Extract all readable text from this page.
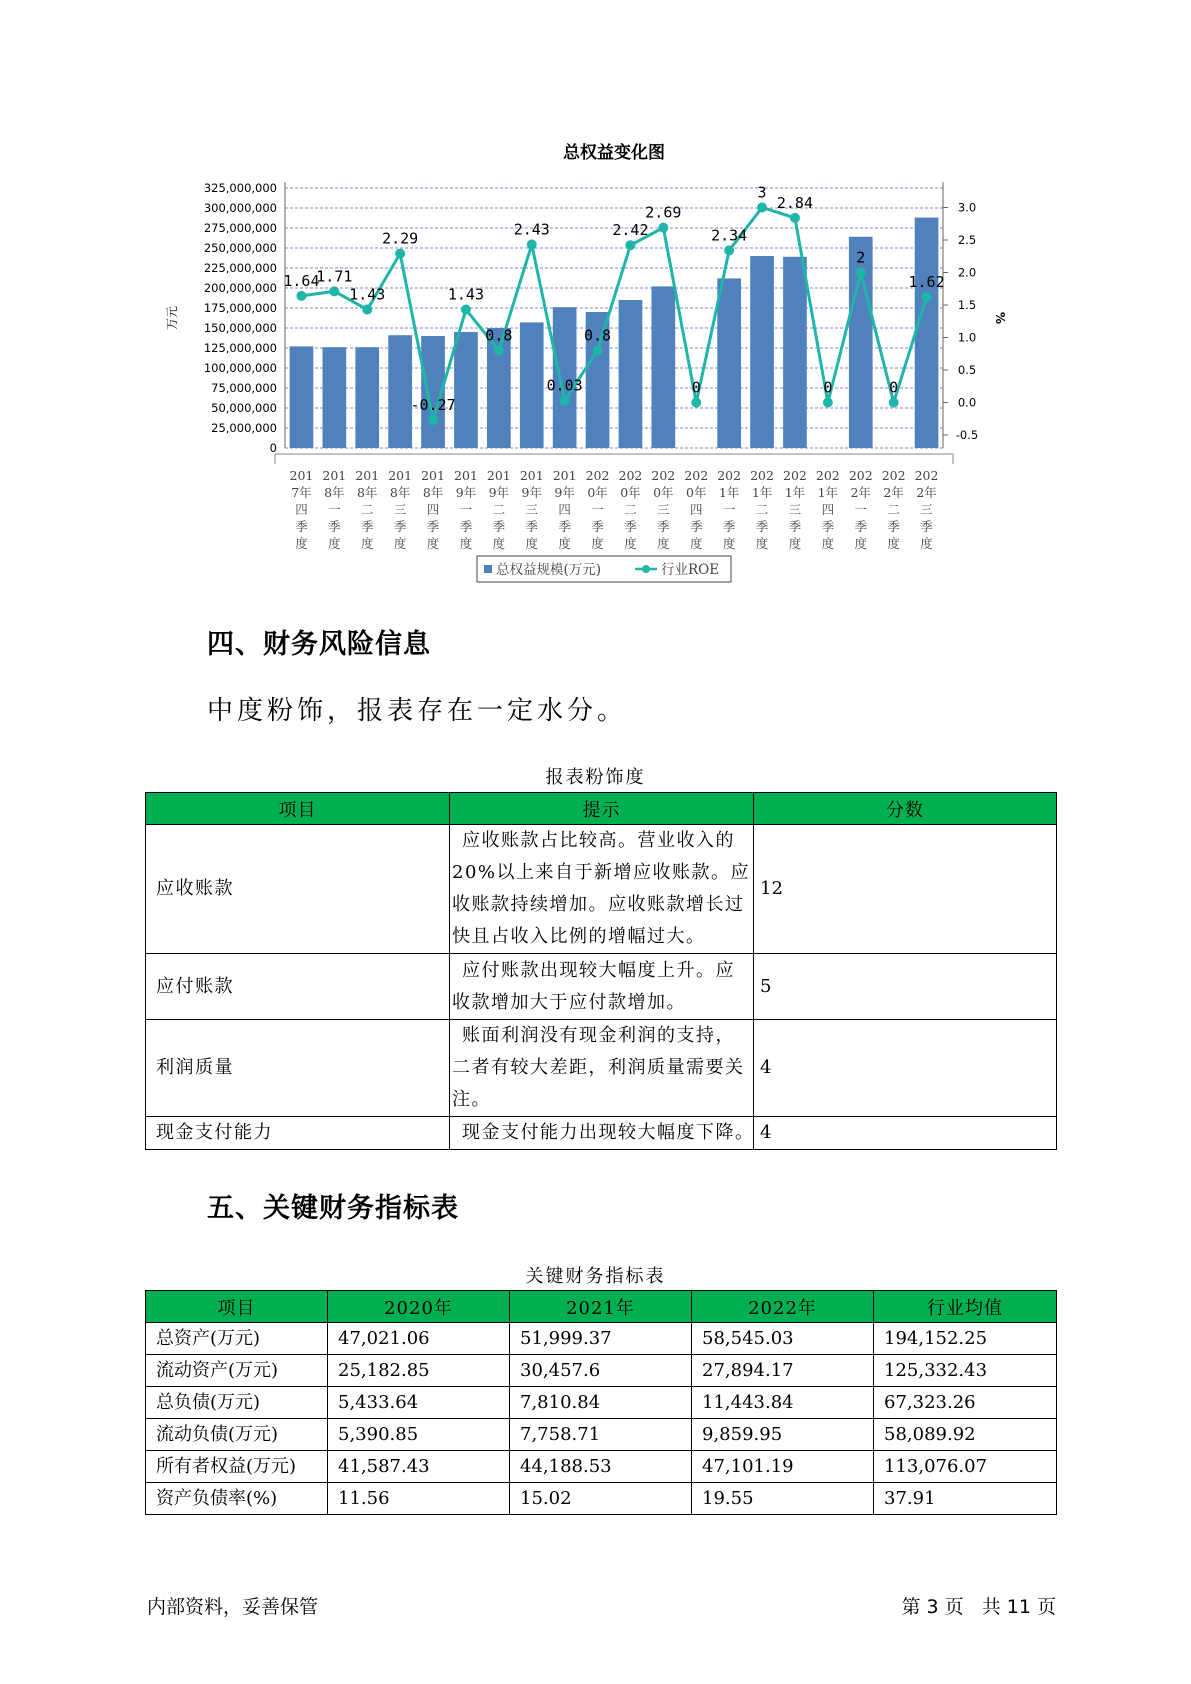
总权益变化图
325,000,000
300,000,000
275,000,000
250,000,000
225,000,000
200,000,000
175,000,000
150,000,000
125,000,000
100,000,000
75,000,000
50,000,000
25,000,000
0
3.0
2.5
2.0
1.5
1.0
0.5
0.0
-0.5
万元	%
1.64
1.71
1.43
2.29
-0.27
1.43
0.8
2.43
0.03
0.8
2.42
2.69
0
2.34
3
2.84
0
2
0
1.62
201
7年
四
季
度
201
8年
一
季
度
201
8年
二
季
度
201
8年
三
季
度
201
8年
四
季
度
201
9年
一
季
度
201
9年
二
季
度
201
9年
三
季
度
201
9年
四
季
度
202
0年
一
季
度
202
0年
二
季
度
202
0年
三
季
度
202
0年
四
季
度
202
1年
一
季
度
202
1年
二
季
度
202
1年
三
季
度
202
1年
四
季
度
202
2年
一
季
度
202
2年
二
季
度
202
2年
三
季
度
总权益规模(万元)	行业ROE
四、财务风险信息

中度粉饰，报表存在一定水分。

报表粉饰度
项目	提示	分数
应收账款	应收账款占比较高。营业收入的20%以上来自于新增应收账款。应收账款持续增加。应收账款增长过快且占收入比例的增幅过大。	12
应付账款	应付账款出现较大幅度上升。应收款增加大于应付款增加。	5
利润质量	账面利润没有现金利润的支持，二者有较大差距，利润质量需要关注。	4
现金支付能力	现金支付能力出现较大幅度下降。	4
五、关键财务指标表
关键财务指标表
项目	2020年	2021年	2022年	行业均值
总资产(万元)	47,021.06	51,999.37	58,545.03	194,152.25
流动资产(万元)	25,182.85	30,457.6	27,894.17	125,332.43
总负债(万元)	5,433.64	7,810.84	11,443.84	67,323.26
流动负债(万元)	5,390.85	7,758.71	9,859.95	58,089.92
所有者权益(万元)	41,587.43	44,188.53	47,101.19	113,076.07
资产负债率(%)	11.56	15.02	19.55	37.91
内部资料，妥善保管	第 3 页   共 11 页
